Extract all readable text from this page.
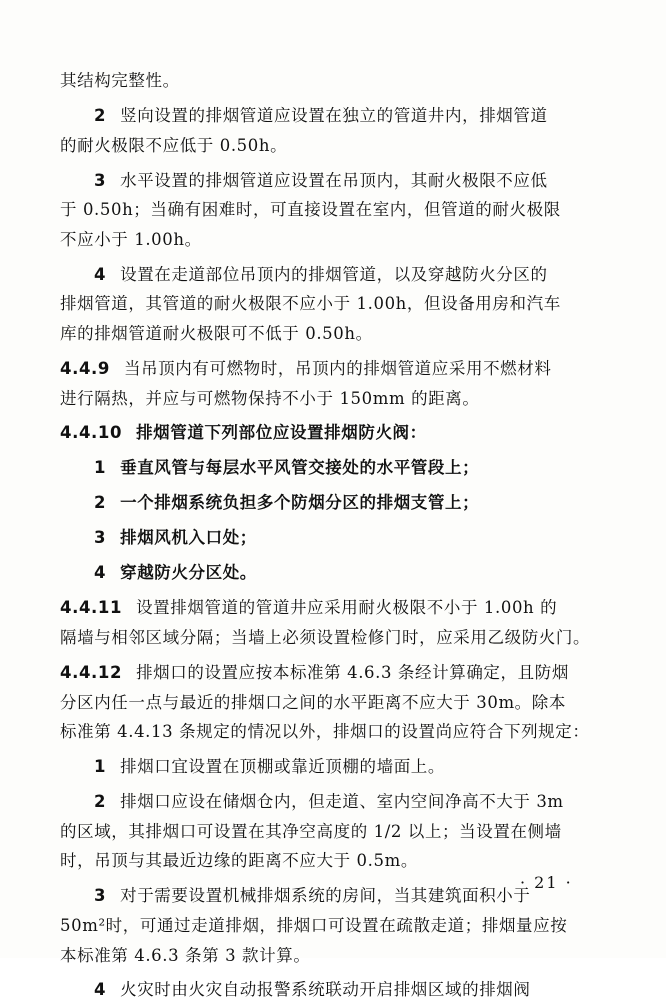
其结构完整性。
2 竖向设置的排烟管道应设置在独立的管道井内，排烟管道
的耐火极限不应低于 0.50h。
3 水平设置的排烟管道应设置在吊顶内，其耐火极限不应低
于 0.50h；当确有困难时，可直接设置在室内，但管道的耐火极限
不应小于 1.00h。
4 设置在走道部位吊顶内的排烟管道，以及穿越防火分区的
排烟管道，其管道的耐火极限不应小于 1.00h，但设备用房和汽车
库的排烟管道耐火极限可不低于 0.50h。
4.4.9 当吊顶内有可燃物时，吊顶内的排烟管道应采用不燃材料
进行隔热，并应与可燃物保持不小于 150mm 的距离。
4.4.10 排烟管道下列部位应设置排烟防火阀：
1 垂直风管与每层水平风管交接处的水平管段上；
2 一个排烟系统负担多个防烟分区的排烟支管上；
3 排烟风机入口处；
4 穿越防火分区处。
4.4.11 设置排烟管道的管道井应采用耐火极限不小于 1.00h 的
隔墙与相邻区域分隔；当墙上必须设置检修门时，应采用乙级防火门。
4.4.12 排烟口的设置应按本标准第 4.6.3 条经计算确定，且防烟
分区内任一点与最近的排烟口之间的水平距离不应大于 30m。除本
标准第 4.4.13 条规定的情况以外，排烟口的设置尚应符合下列规定：
1 排烟口宜设置在顶棚或靠近顶棚的墙面上。
2 排烟口应设在储烟仓内，但走道、室内空间净高不大于 3m
的区域，其排烟口可设置在其净空高度的 1/2 以上；当设置在侧墙
时，吊顶与其最近边缘的距离不应大于 0.5m。
3 对于需要设置机械排烟系统的房间，当其建筑面积小于
50m²时，可通过走道排烟，排烟口可设置在疏散走道；排烟量应按
本标准第 4.6.3 条第 3 款计算。
4 火灾时由火灾自动报警系统联动开启排烟区域的排烟阀
· 21 ·
